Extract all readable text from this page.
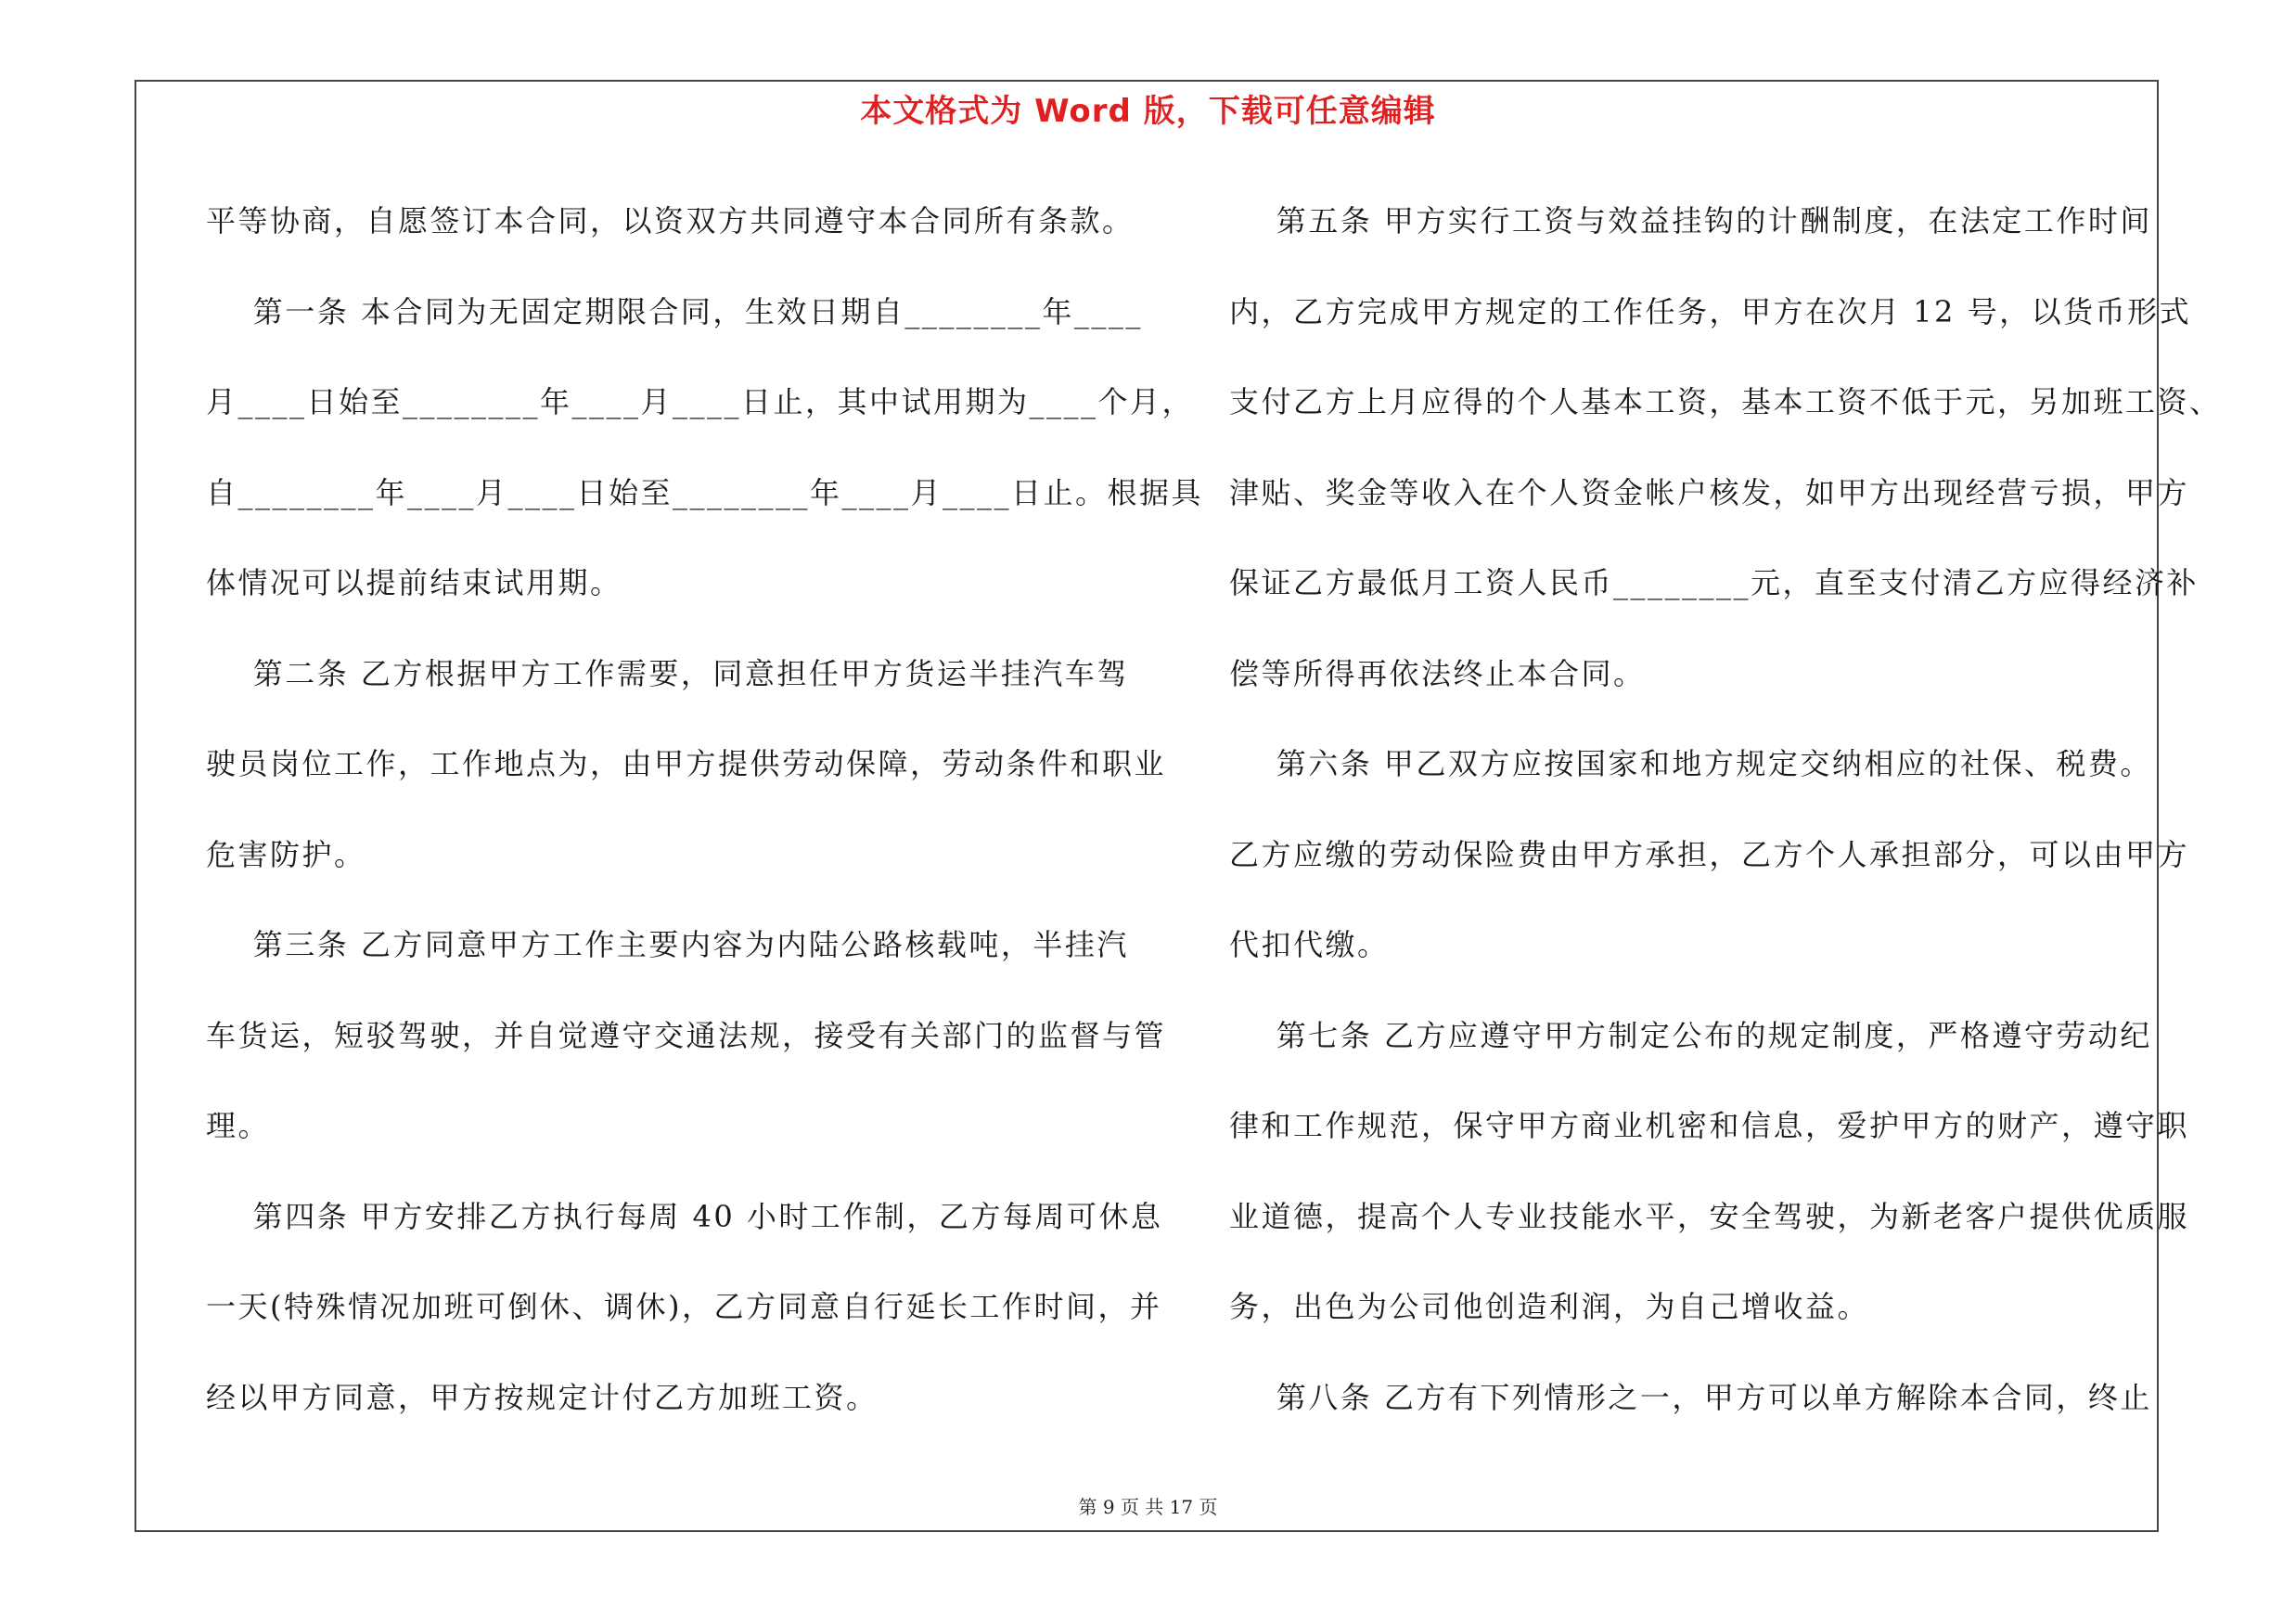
本文格式为 Word 版，下载可任意编辑
平等协商，自愿签订本合同，以资双方共同遵守本合同所有条款。
第一条 本合同为无固定期限合同，生效日期自________年____
月____日始至________年____月____日止，其中试用期为____个月，
自________年____月____日始至________年____月____日止。根据具
体情况可以提前结束试用期。
第二条 乙方根据甲方工作需要，同意担任甲方货运半挂汽车驾
驶员岗位工作，工作地点为，由甲方提供劳动保障，劳动条件和职业
危害防护。
第三条 乙方同意甲方工作主要内容为内陆公路核载吨，半挂汽
车货运，短驳驾驶，并自觉遵守交通法规，接受有关部门的监督与管
理。
第四条 甲方安排乙方执行每周 40 小时工作制，乙方每周可休息
一天(特殊情况加班可倒休、调休)，乙方同意自行延长工作时间，并
经以甲方同意，甲方按规定计付乙方加班工资。
第五条 甲方实行工资与效益挂钩的计酬制度，在法定工作时间
内，乙方完成甲方规定的工作任务，甲方在次月 12 号，以货币形式
支付乙方上月应得的个人基本工资，基本工资不低于元，另加班工资、
津贴、奖金等收入在个人资金帐户核发，如甲方出现经营亏损，甲方
保证乙方最低月工资人民币________元，直至支付清乙方应得经济补
偿等所得再依法终止本合同。
第六条 甲乙双方应按国家和地方规定交纳相应的社保、税费。
乙方应缴的劳动保险费由甲方承担，乙方个人承担部分，可以由甲方
代扣代缴。
第七条 乙方应遵守甲方制定公布的规定制度，严格遵守劳动纪
律和工作规范，保守甲方商业机密和信息，爱护甲方的财产，遵守职
业道德，提高个人专业技能水平，安全驾驶，为新老客户提供优质服
务，出色为公司他创造利润，为自己增收益。
第八条 乙方有下列情形之一，甲方可以单方解除本合同，终止
第 9 页 共 17 页
